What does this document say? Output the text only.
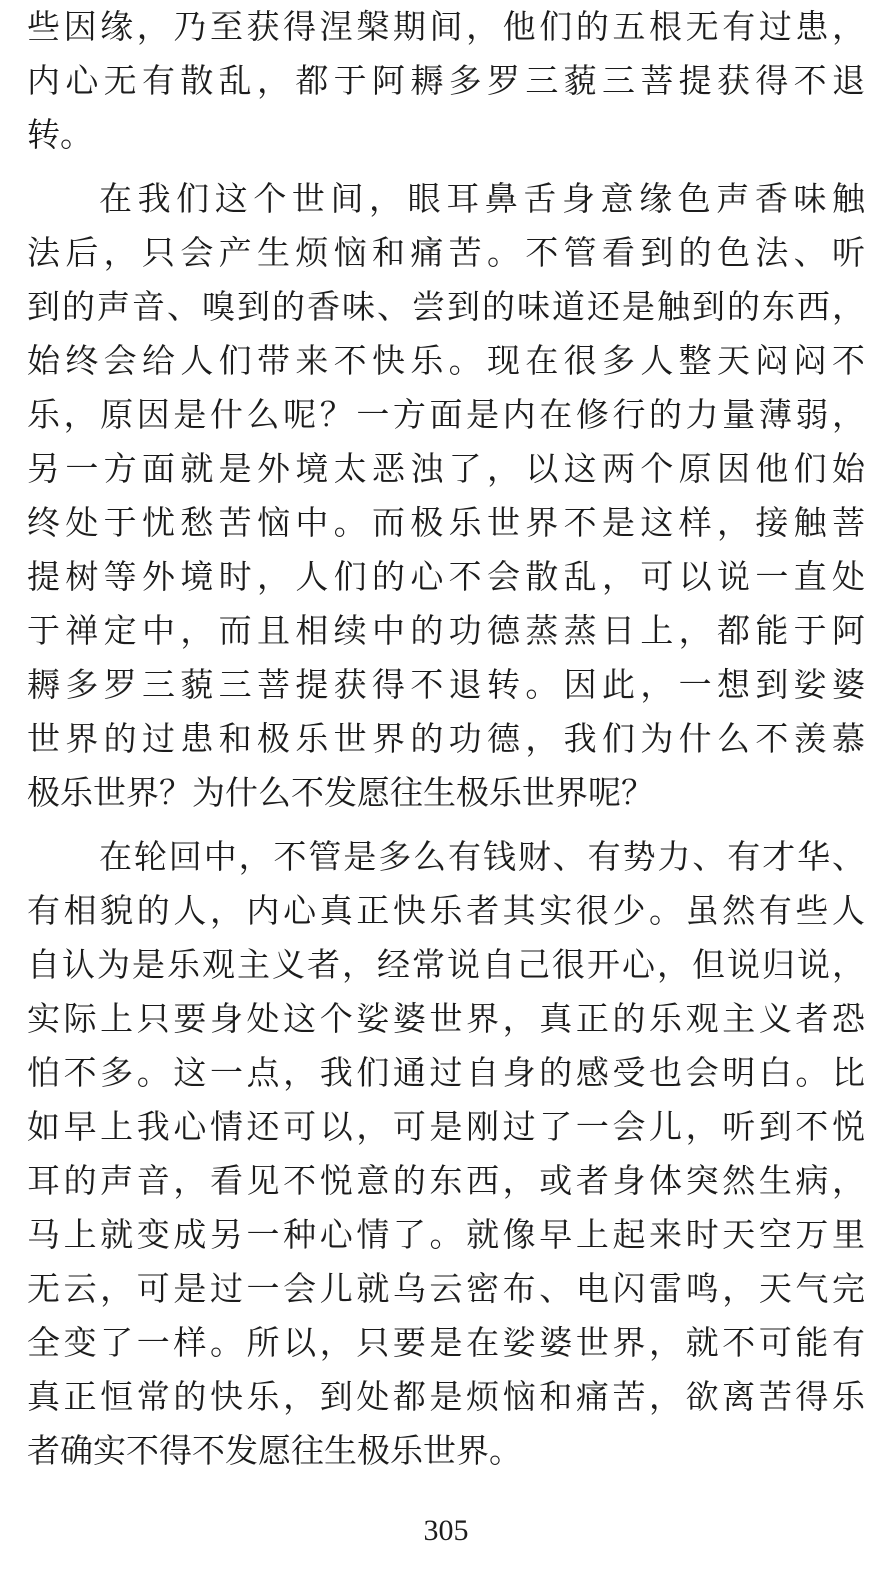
些因缘，乃至获得涅槃期间，他们的五根无有过患，
内心无有散乱，都于阿耨多罗三藐三菩提获得不退
转。
在我们这个世间，眼耳鼻舌身意缘色声香味触
法后，只会产生烦恼和痛苦。不管看到的色法、听
到的声音、嗅到的香味、尝到的味道还是触到的东西，
始终会给人们带来不快乐。现在很多人整天闷闷不
乐，原因是什么呢？一方面是内在修行的力量薄弱，
另一方面就是外境太恶浊了，以这两个原因他们始
终处于忧愁苦恼中。而极乐世界不是这样，接触菩
提树等外境时，人们的心不会散乱，可以说一直处
于禅定中，而且相续中的功德蒸蒸日上，都能于阿
耨多罗三藐三菩提获得不退转。因此，一想到娑婆
世界的过患和极乐世界的功德，我们为什么不羡慕
极乐世界？为什么不发愿往生极乐世界呢？
在轮回中，不管是多么有钱财、有势力、有才华、
有相貌的人，内心真正快乐者其实很少。虽然有些人
自认为是乐观主义者，经常说自己很开心，但说归说，
实际上只要身处这个娑婆世界，真正的乐观主义者恐
怕不多。这一点，我们通过自身的感受也会明白。比
如早上我心情还可以，可是刚过了一会儿，听到不悦
耳的声音，看见不悦意的东西，或者身体突然生病，
马上就变成另一种心情了。就像早上起来时天空万里
无云，可是过一会儿就乌云密布、电闪雷鸣，天气完
全变了一样。所以，只要是在娑婆世界，就不可能有
真正恒常的快乐，到处都是烦恼和痛苦，欲离苦得乐
者确实不得不发愿往生极乐世界。
305
